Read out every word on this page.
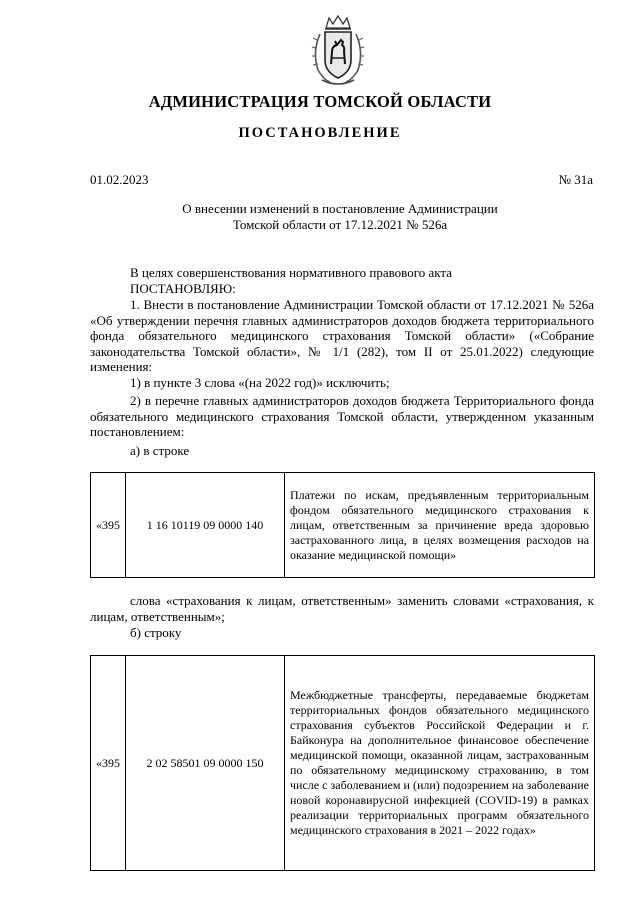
АДМИНИСТРАЦИЯ ТОМСКОЙ ОБЛАСТИ
ПОСТАНОВЛЕНИЕ
01.02.2023	№ 31а
О внесении изменений в постановление Администрации
Томской области от 17.12.2021 № 526а

В целях совершенствования нормативного правового акта

ПОСТАНОВЛЯЮ:

1. Внести в постановление Администрации Томской области от 17.12.2021 № 526а «Об утверждении перечня главных администраторов доходов бюджета территориального фонда обязательного медицинского страхования Томской области» («Собрание законодательства Томской области», № 1/1 (282), том II от 25.01.2022) следующие изменения:

1) в пункте 3 слова «(на 2022 год)» исключить;

2) в перечне главных администраторов доходов бюджета Территориального фонда обязательного медицинского страхования Томской области, утвержденном указанным постановлением:

а) в строке

«395	1 16 10119 09 0000 140	Платежи по искам, предъявленным территориальным фондом обязательного медицинского страхования к лицам, ответственным за причинение вреда здоровью застрахованного лица, в целях возмещения расходов на оказание медицинской помощи»

слова «страхования к лицам, ответственным» заменить словами «страхования, к лицам, ответственным»;

б) строку

«395	2 02 58501 09 0000 150	Межбюджетные трансферты, передаваемые бюджетам территориальных фондов обязательного медицинского страхования субъектов Российской Федерации и г. Байконура на дополнительное финансовое обеспечение медицинской помощи, оказанной лицам, застрахованным по обязательному медицинскому страхованию, в том числе с заболеванием и (или) подозрением на заболевание новой коронавирусной инфекцией (COVID-19) в рамках реализации территориальных программ обязательного медицинского страхования в 2021 – 2022 годах»
